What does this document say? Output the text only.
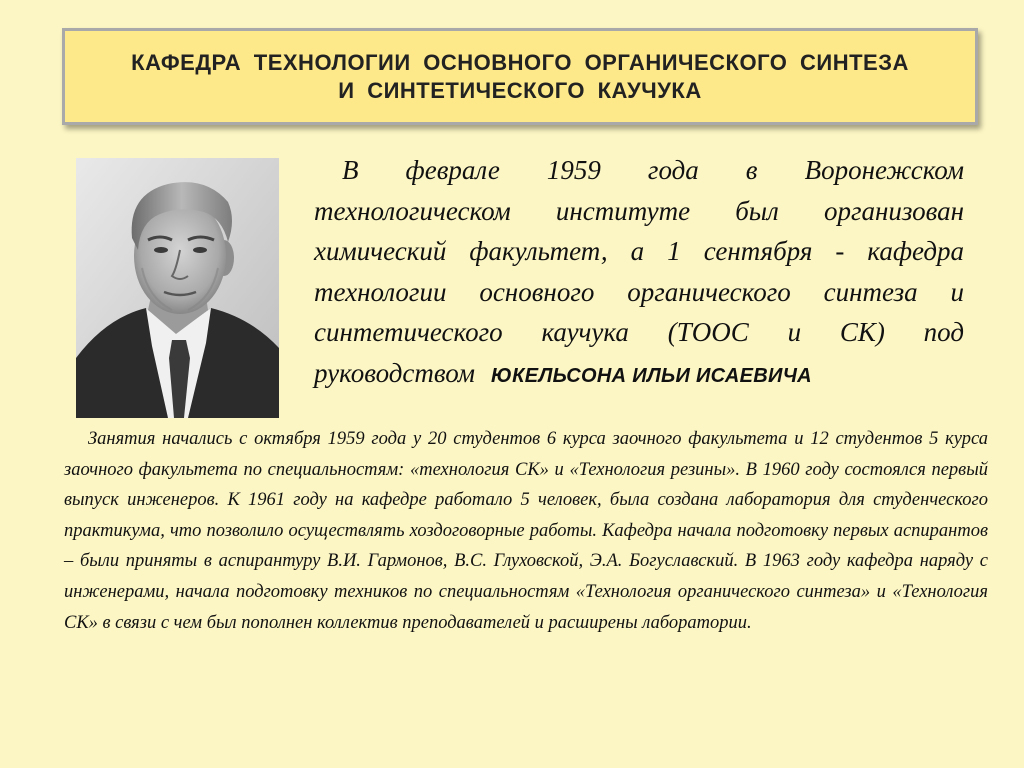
КАФЕДРА ТЕХНОЛОГИИ ОСНОВНОГО ОРГАНИЧЕСКОГО СИНТЕЗА
И СИНТЕТИЧЕСКОГО КАУЧУКА
В феврале 1959 года в Воронежском технологическом институте был организован химический факультет, а 1 сентября - кафедра технологии основного органического синтеза и синтетического каучука (ТООС и СК) под руководством ЮКЕЛЬСОНА ИЛЬИ ИСАЕВИЧА
Занятия начались с октября 1959 года у 20 студентов 6 курса заочного факультета и 12 студентов 5 курса заочного факультета по специальностям: «технология СК» и «Технология резины». В 1960 году состоялся первый выпуск инженеров. К 1961 году на кафедре работало 5 человек, была создана лаборатория для студенческого практикума, что позволило осуществлять хоздоговорные работы. Кафедра начала подготовку первых аспирантов – были приняты в аспирантуру В.И. Гармонов, В.С. Глуховской, Э.А. Богуславский. В 1963 году кафедра наряду с инженерами, начала подготовку техников по специальностям «Технология органического синтеза» и «Технология СК» в связи с чем был пополнен коллектив преподавателей и расширены лаборатории.
